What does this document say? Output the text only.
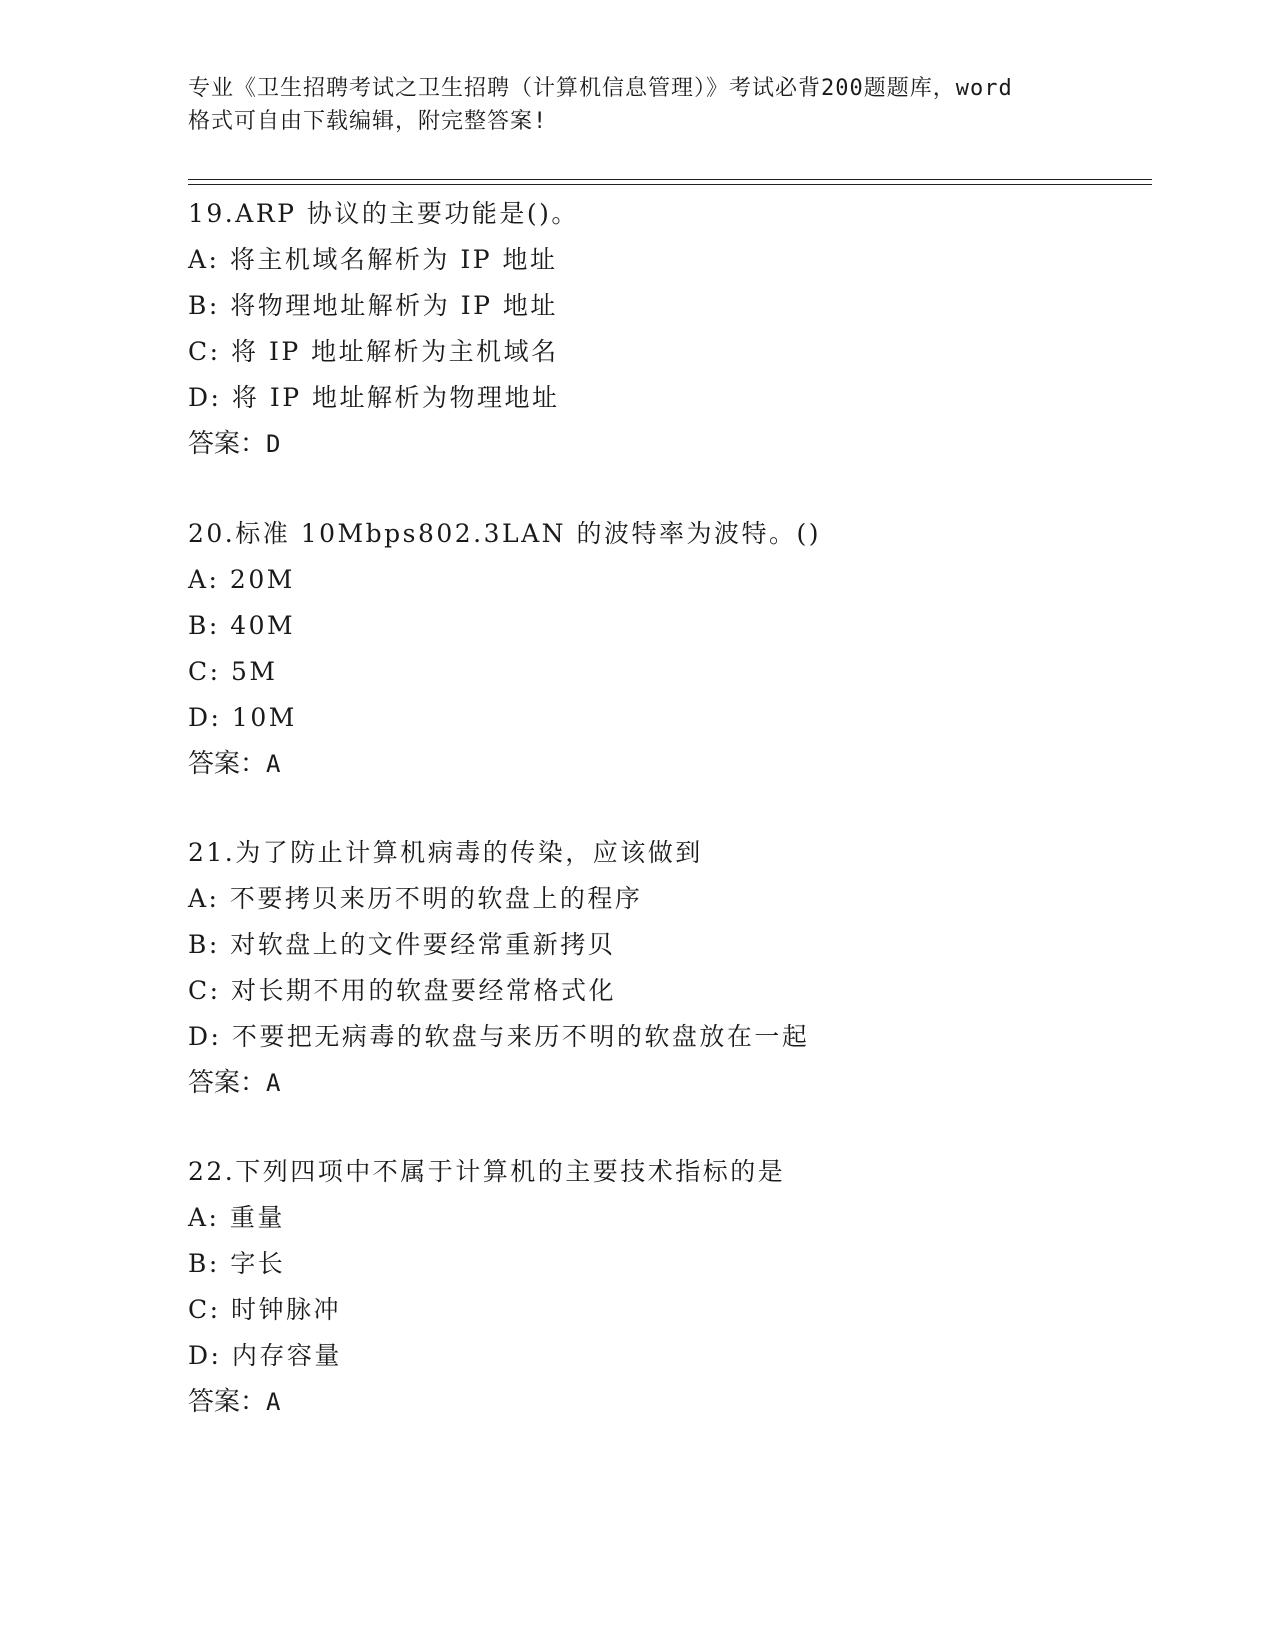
专业《卫生招聘考试之卫生招聘（计算机信息管理）》考试必背200题题库，word
格式可自由下载编辑，附完整答案!
19.ARP 协议的主要功能是()。
A: 将主机域名解析为 IP 地址
B: 将物理地址解析为 IP 地址
C: 将 IP 地址解析为主机域名
D: 将 IP 地址解析为物理地址
答案：D
20.标准 10Mbps802.3LAN 的波特率为波特。()
A: 20M
B: 40M
C: 5M
D: 10M
答案：A
21.为了防止计算机病毒的传染，应该做到
A: 不要拷贝来历不明的软盘上的程序
B: 对软盘上的文件要经常重新拷贝
C: 对长期不用的软盘要经常格式化
D: 不要把无病毒的软盘与来历不明的软盘放在一起
答案：A
22.下列四项中不属于计算机的主要技术指标的是
A: 重量
B: 字长
C: 时钟脉冲
D: 内存容量
答案：A
